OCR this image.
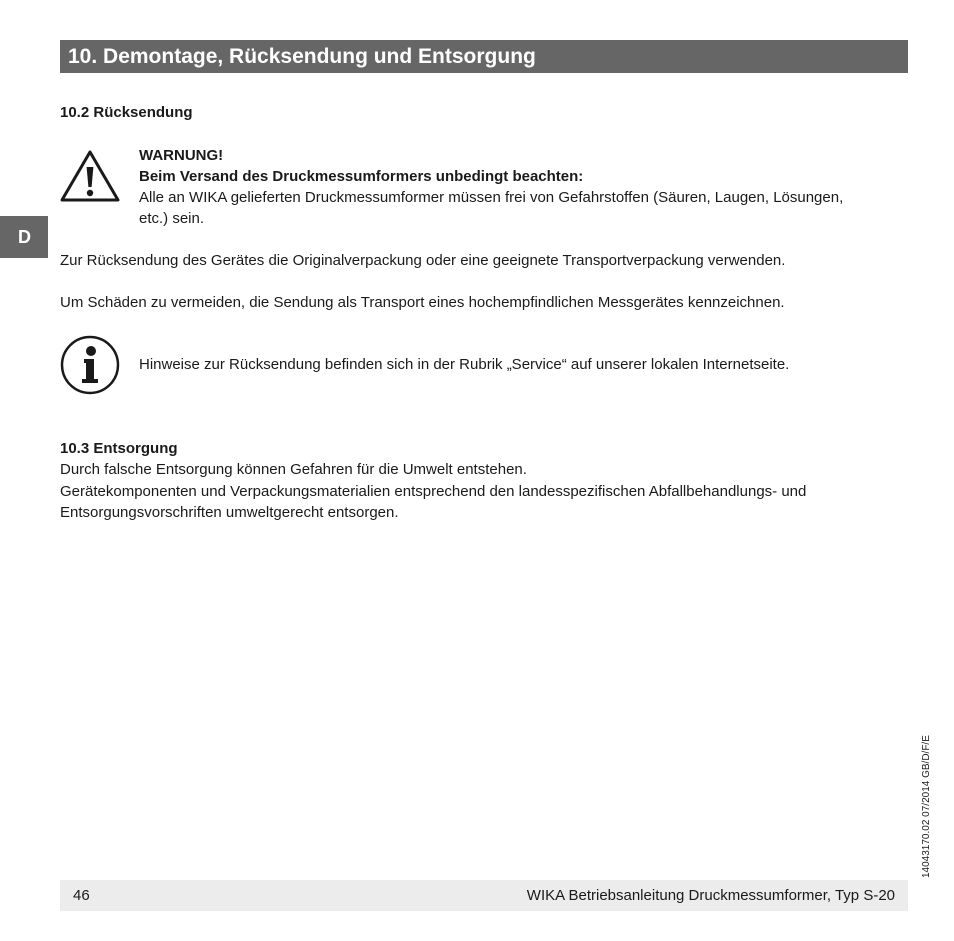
10. Demontage, Rücksendung und Entsorgung
D
10.2 Rücksendung
WARNUNG!
Beim Versand des Druckmessumformers unbedingt beachten:
Alle an WIKA gelieferten Druckmessumformer müssen frei von Gefahrstoffen (Säuren, Laugen, Lösungen,
etc.) sein.
Zur Rücksendung des Gerätes die Originalverpackung oder eine geeignete Transportverpackung verwenden.
Um Schäden zu vermeiden, die Sendung als Transport eines hochempfindlichen Messgerätes kennzeichnen.
Hinweise zur Rücksendung befinden sich in der Rubrik „Service“ auf unserer lokalen Internetseite.
10.3 Entsorgung
Durch falsche Entsorgung können Gefahren für die Umwelt entstehen.
Gerätekomponenten und Verpackungsmaterialien entsprechend den landesspezifischen Abfallbehandlungs- und
Entsorgungsvorschriften umweltgerecht entsorgen.
14043170.02 07/2014 GB/D/F/E
46	WIKA Betriebsanleitung Druckmessumformer, Typ S-20
